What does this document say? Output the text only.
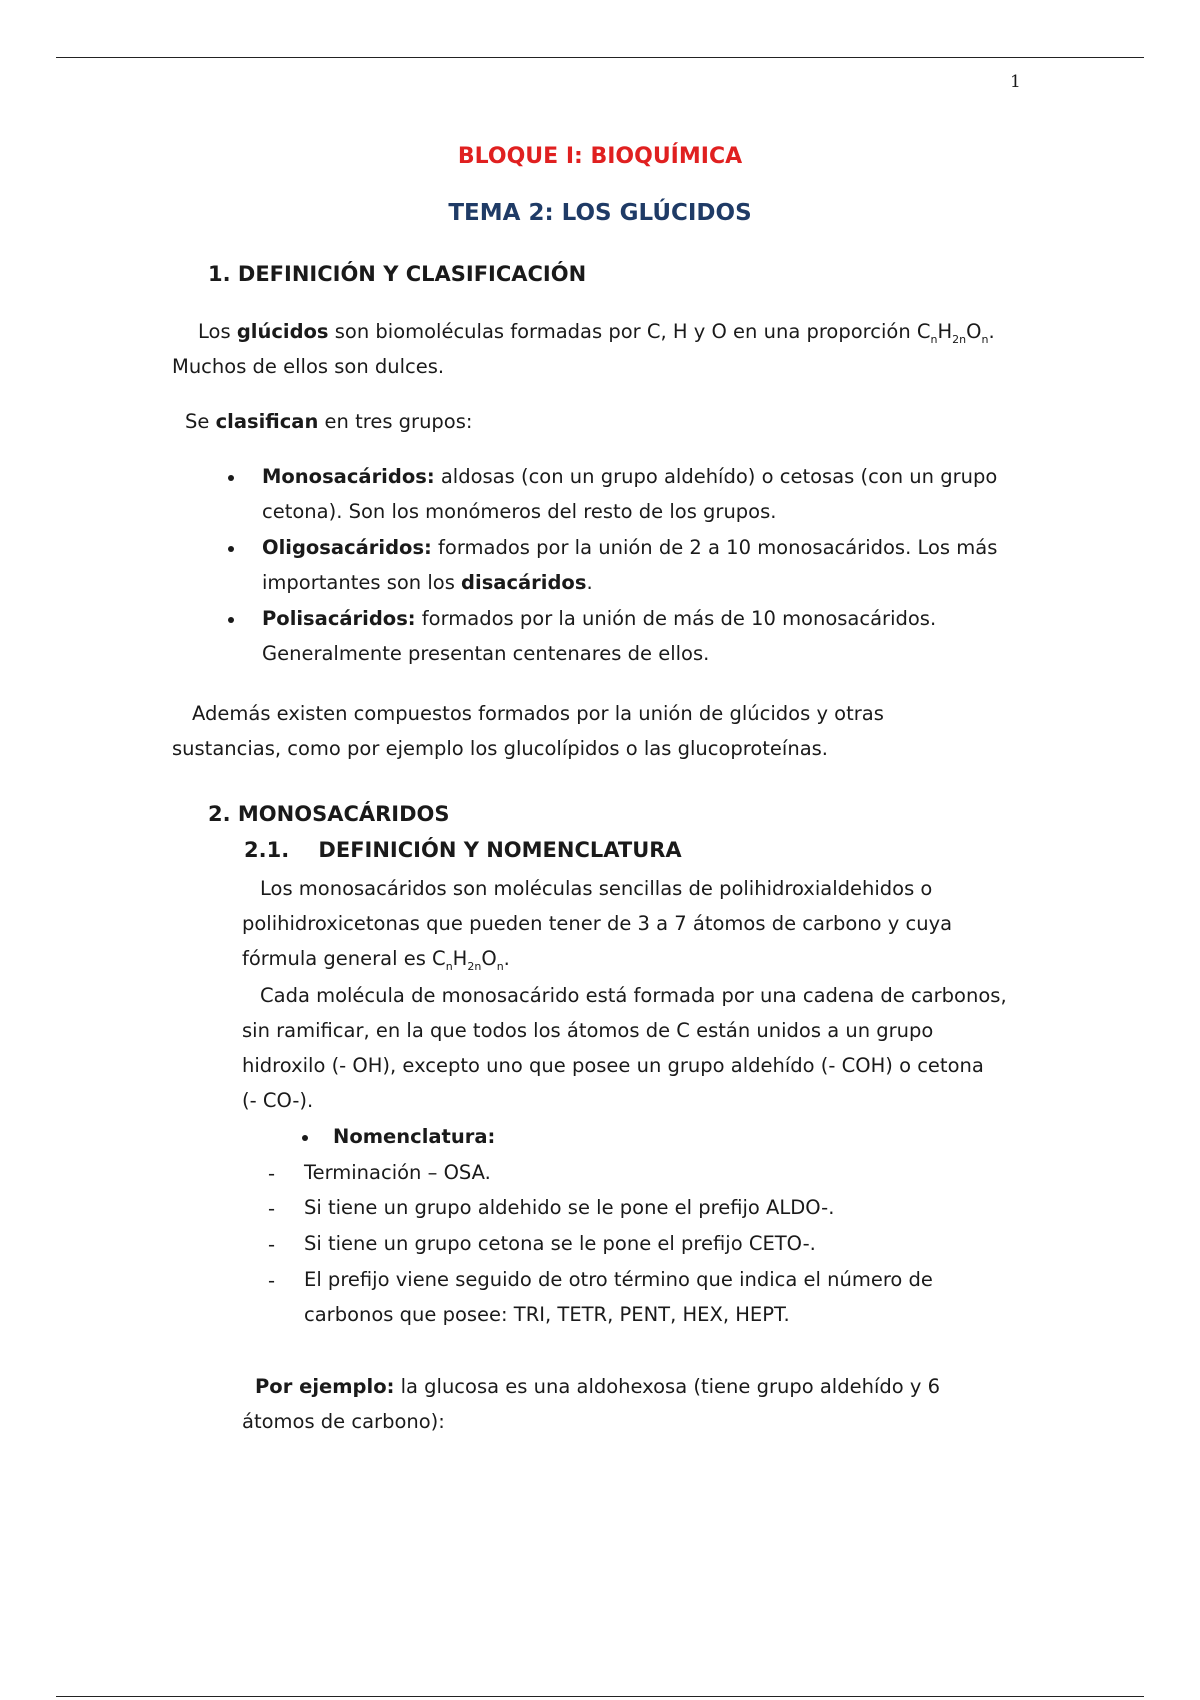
1
BLOQUE I: BIOQUÍMICA
TEMA 2: LOS GLÚCIDOS
1. DEFINICIÓN Y CLASIFICACIÓN
Los glúcidos son biomoléculas formadas por C, H y O en una proporción $C_nH_{2n}O_n$.
Muchos de ellos son dulces.
Se clasifican en tres grupos:
Monosacáridos: aldosas (con un grupo aldehído) o cetosas (con un grupo
cetona). Son los monómeros del resto de los grupos.
Oligosacáridos: formados por la unión de 2 a 10 monosacáridos. Los más
importantes son los disacáridos.
Polisacáridos: formados por la unión de más de 10 monosacáridos.
Generalmente presentan centenares de ellos.
Además existen compuestos formados por la unión de glúcidos y otras
sustancias, como por ejemplo los glucolípidos o las glucoproteínas.
2. MONOSACÁRIDOS
2.1.    DEFINICIÓN Y NOMENCLATURA
Los monosacáridos son moléculas sencillas de polihidroxialdehidos o
polihidroxicetonas que pueden tener de 3 a 7 átomos de carbono y cuya
fórmula general es $C_nH_{2n}O_n$.
Cada molécula de monosacárido está formada por una cadena de carbonos,
sin ramificar, en la que todos los átomos de C están unidos a un grupo
hidroxilo (- OH), excepto uno que posee un grupo aldehído (- COH) o cetona
(- CO-).
Nomenclatura:
- Terminación – OSA.
- Si tiene un grupo aldehido se le pone el prefijo ALDO-.
- Si tiene un grupo cetona se le pone el prefijo CETO-.
- El prefijo viene seguido de otro término que indica el número de
carbonos que posee: TRI, TETR, PENT, HEX, HEPT.
Por ejemplo: la glucosa es una aldohexosa (tiene grupo aldehído y 6
átomos de carbono):
